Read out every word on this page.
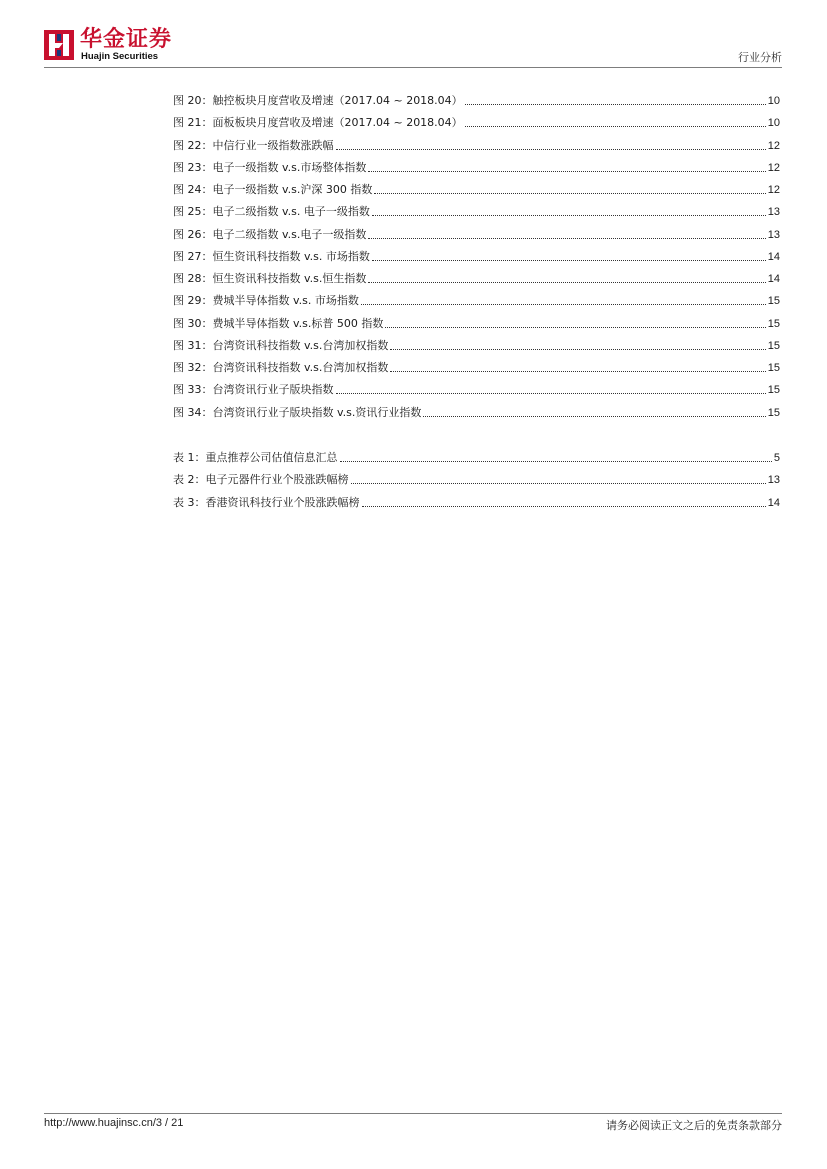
华金证券
Huajin Securities	行业分析
图 20：触控板块月度营收及增速（2017.04 ~ 2018.04）	10
图 21：面板板块月度营收及增速（2017.04 ~ 2018.04）	10
图 22：中信行业一级指数涨跌幅	12
图 23：电子一级指数 v.s.市场整体指数	12
图 24：电子一级指数 v.s.沪深 300 指数	12
图 25：电子二级指数 v.s. 电子一级指数	13
图 26：电子二级指数 v.s.电子一级指数	13
图 27：恒生资讯科技指数 v.s. 市场指数	14
图 28：恒生资讯科技指数 v.s.恒生指数	14
图 29：费城半导体指数 v.s. 市场指数	15
图 30：费城半导体指数 v.s.标普 500 指数	15
图 31：台湾资讯科技指数 v.s.台湾加权指数	15
图 32：台湾资讯科技指数 v.s.台湾加权指数	15
图 33：台湾资讯行业子版块指数	15
图 34：台湾资讯行业子版块指数 v.s.资讯行业指数	15
表 1：重点推荐公司估值信息汇总	5
表 2：电子元器件行业个股涨跌幅榜	13
表 3：香港资讯科技行业个股涨跌幅榜	14
http://www.huajinsc.cn/3 / 21	请务必阅读正文之后的免责条款部分
